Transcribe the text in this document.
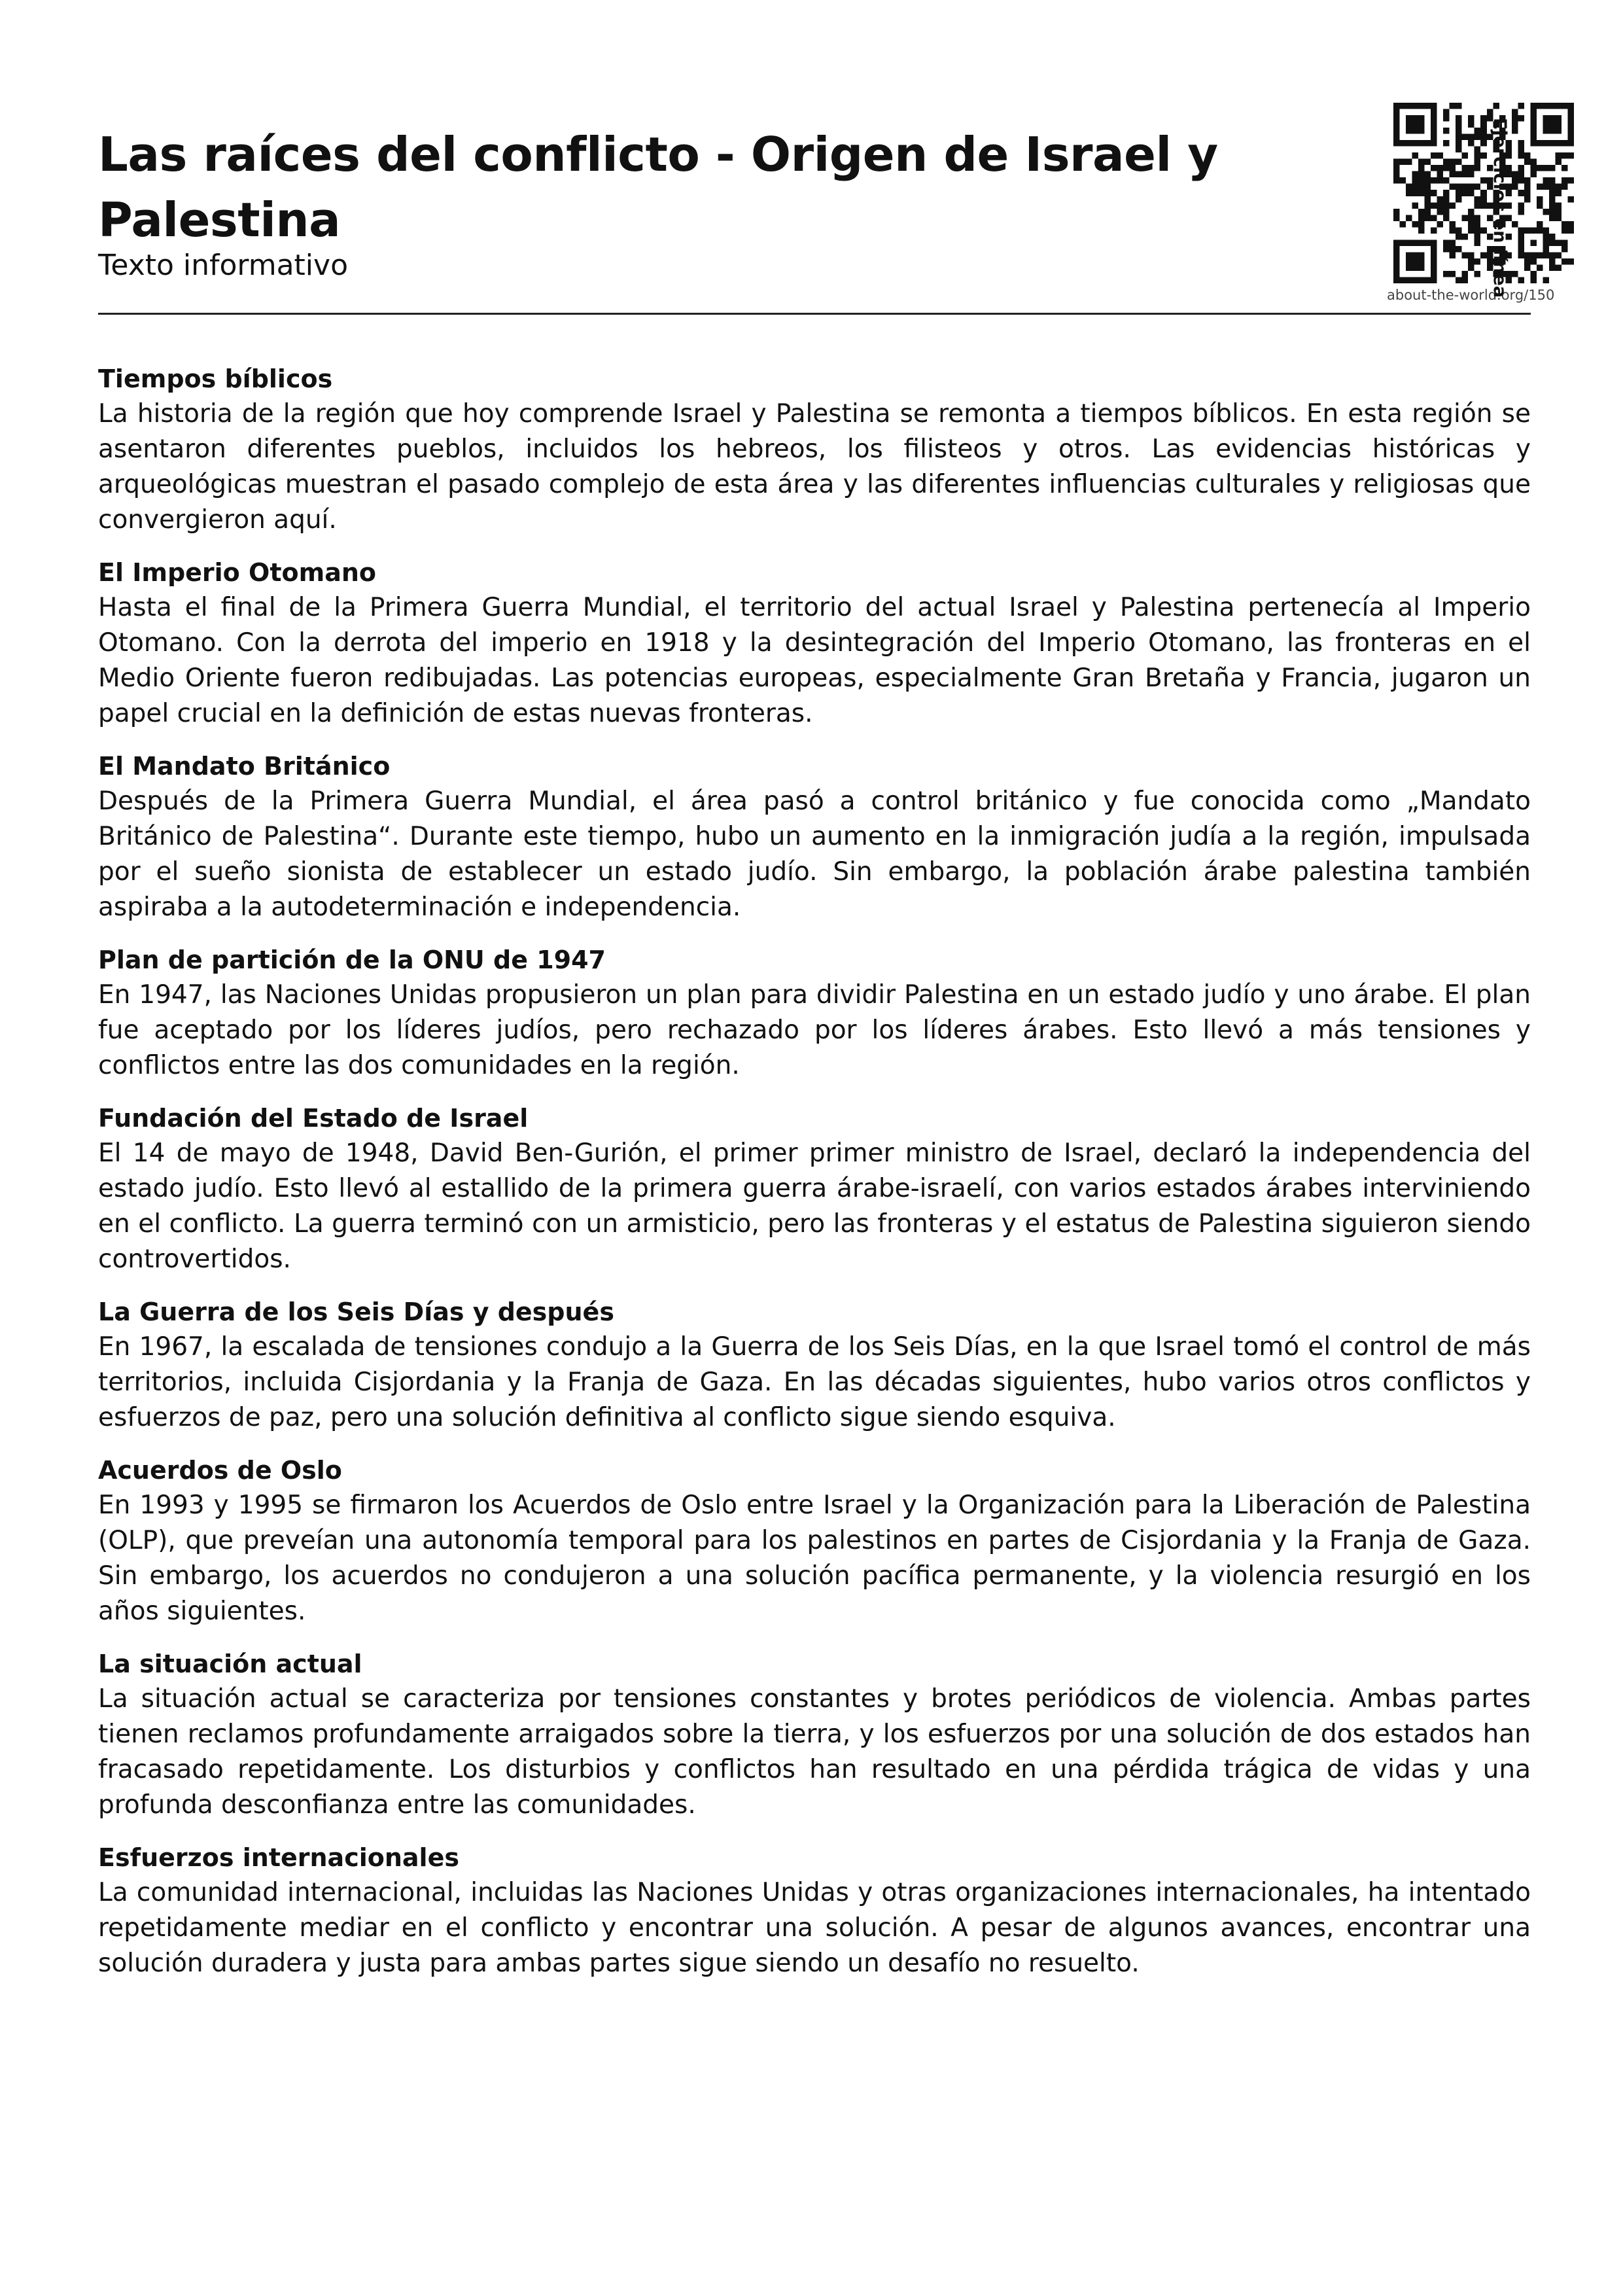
Las raíces del conflicto - Origen de Israel y Palestina

Texto informativo

about-the-world.org/150
Ejercicios en línea
Tiempos bíblicos

La historia de la región que hoy comprende Israel y Palestina se remonta a tiempos bíblicos. En esta región se asentaron diferentes pueblos, incluidos los hebreos, los filisteos y otros. Las evidencias históricas y arqueológicas muestran el pasado complejo de esta área y las diferentes influencias culturales y religiosas que convergieron aquí.

El Imperio Otomano

Hasta el final de la Primera Guerra Mundial, el territorio del actual Israel y Palestina pertenecía al Imperio Otomano. Con la derrota del imperio en 1918 y la desintegración del Imperio Otomano, las fronteras en el Medio Oriente fueron redibujadas. Las potencias europeas, especialmente Gran Bretaña y Francia, jugaron un papel crucial en la definición de estas nuevas fronteras.

El Mandato Británico

Después de la Primera Guerra Mundial, el área pasó a control británico y fue conocida como „Mandato Británico de Palestina“. Durante este tiempo, hubo un aumento en la inmigración judía a la región, impulsada por el sueño sionista de establecer un estado judío. Sin embargo, la población árabe palestina también aspiraba a la autodeterminación e independencia.

Plan de partición de la ONU de 1947

En 1947, las Naciones Unidas propusieron un plan para dividir Palestina en un estado judío y uno árabe. El plan fue aceptado por los líderes judíos, pero rechazado por los líderes árabes. Esto llevó a más tensiones y conflictos entre las dos comunidades en la región.

Fundación del Estado de Israel

El 14 de mayo de 1948, David Ben-Gurión, el primer primer ministro de Israel, declaró la independencia del estado judío. Esto llevó al estallido de la primera guerra árabe-israelí, con varios estados árabes interviniendo en el conflicto. La guerra terminó con un armisticio, pero las fronteras y el estatus de Palestina siguieron siendo controvertidos.

La Guerra de los Seis Días y después

En 1967, la escalada de tensiones condujo a la Guerra de los Seis Días, en la que Israel tomó el control de más territorios, incluida Cisjordania y la Franja de Gaza. En las décadas siguientes, hubo varios otros conflictos y esfuerzos de paz, pero una solución definitiva al conflicto sigue siendo esquiva.

Acuerdos de Oslo

En 1993 y 1995 se firmaron los Acuerdos de Oslo entre Israel y la Organización para la Liberación de Palestina (OLP), que preveían una autonomía temporal para los palestinos en partes de Cisjordania y la Franja de Gaza. Sin embargo, los acuerdos no condujeron a una solución pacífica permanente, y la violencia resurgió en los años siguientes.

La situación actual

La situación actual se caracteriza por tensiones constantes y brotes periódicos de violencia. Ambas partes tienen reclamos profundamente arraigados sobre la tierra, y los esfuerzos por una solución de dos estados han fracasado repetidamente. Los disturbios y conflictos han resultado en una pérdida trágica de vidas y una profunda desconfianza entre las comunidades.

Esfuerzos internacionales

La comunidad internacional, incluidas las Naciones Unidas y otras organizaciones internacionales, ha intentado repetidamente mediar en el conflicto y encontrar una solución. A pesar de algunos avances, encontrar una solución duradera y justa para ambas partes sigue siendo un desafío no resuelto.
